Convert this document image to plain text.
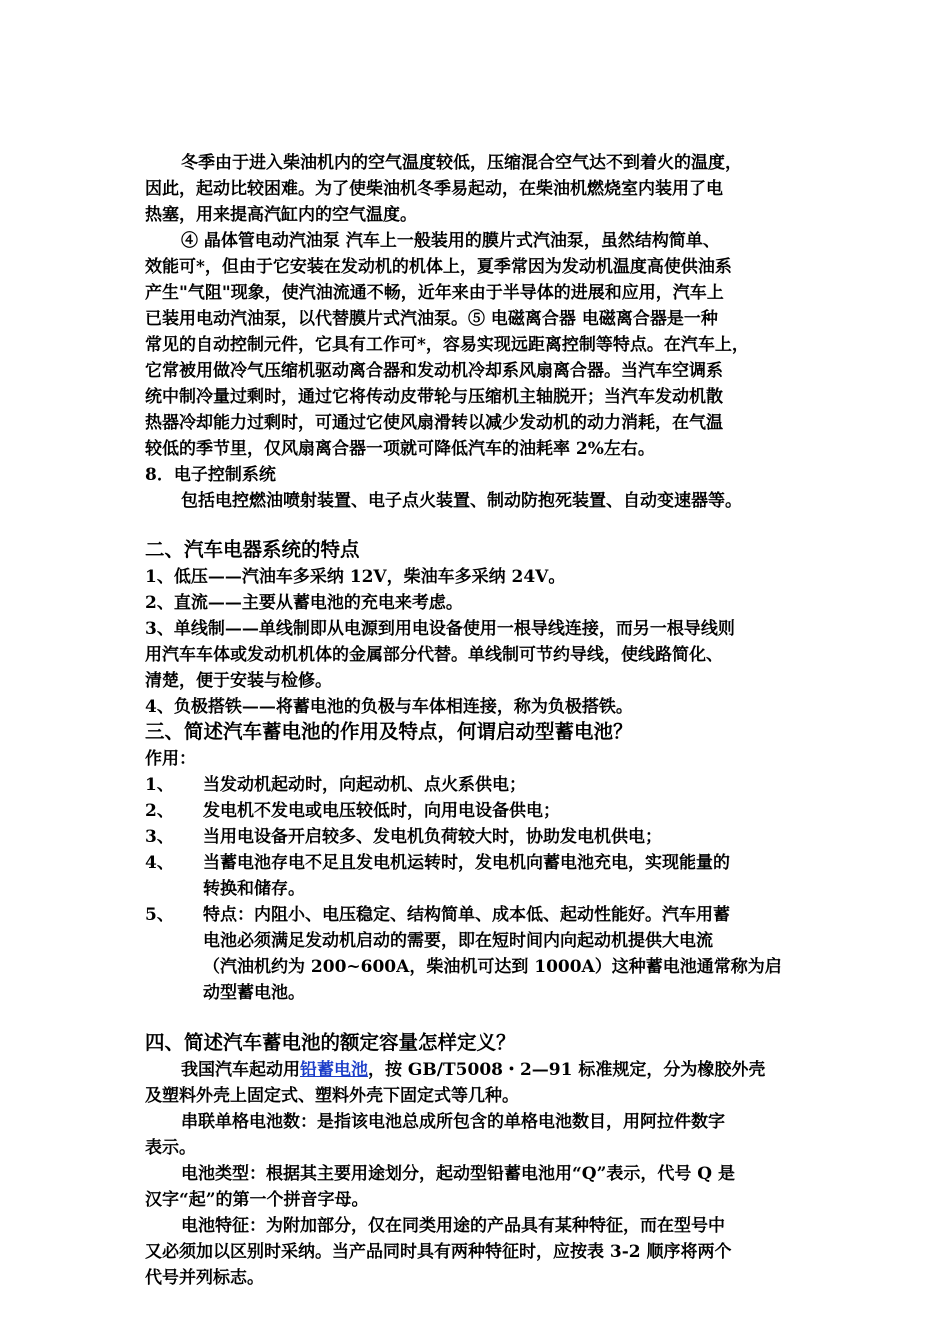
冬季由于进入柴油机内的空气温度较低，压缩混合空气达不到着火的温度，
因此，起动比较困难。为了使柴油机冬季易起动，在柴油机燃烧室内装用了电
热塞，用来提高汽缸内的空气温度。
④ 晶体管电动汽油泵 汽车上一般装用的膜片式汽油泵，虽然结构简单、
效能可*，但由于它安装在发动机的机体上，夏季常因为发动机温度高使供油系
产生"气阻"现象，使汽油流通不畅，近年来由于半导体的进展和应用，汽车上
已装用电动汽油泵，以代替膜片式汽油泵。⑤ 电磁离合器 电磁离合器是一种
常见的自动控制元件，它具有工作可*，容易实现远距离控制等特点。在汽车上，
它常被用做冷气压缩机驱动离合器和发动机冷却系风扇离合器。当汽车空调系
统中制冷量过剩时，通过它将传动皮带轮与压缩机主轴脱开；当汽车发动机散
热器冷却能力过剩时，可通过它使风扇滑转以减少发动机的动力消耗，在气温
较低的季节里，仅风扇离合器一项就可降低汽车的油耗率 2%左右。
8．电子控制系统
包括电控燃油喷射装置、电子点火装置、制动防抱死装置、自动变速器等。
二、汽车电器系统的特点
1、低压——汽油车多采纳 12V，柴油车多采纳 24V。
2、直流——主要从蓄电池的充电来考虑。
3、单线制——单线制即从电源到用电设备使用一根导线连接，而另一根导线则
用汽车车体或发动机机体的金属部分代替。单线制可节约导线，使线路简化、
清楚，便于安装与检修。
4、负极搭铁——将蓄电池的负极与车体相连接，称为负极搭铁。
三、简述汽车蓄电池的作用及特点，何谓启动型蓄电池？
作用：
1、 当发动机起动时，向起动机、点火系供电；
2、 发电机不发电或电压较低时，向用电设备供电；
3、 当用电设备开启较多、发电机负荷较大时，协助发电机供电；
4、 当蓄电池存电不足且发电机运转时，发电机向蓄电池充电，实现能量的
转换和储存。
5、 特点：内阻小、电压稳定、结构简单、成本低、起动性能好。汽车用蓄
电池必须满足发动机启动的需要，即在短时间内向起动机提供大电流
（汽油机约为 200~600A，柴油机可达到 1000A）这种蓄电池通常称为启
动型蓄电池。
四、简述汽车蓄电池的额定容量怎样定义？
我国汽车起动用铅蓄电池，按 GB/T5008・2—91 标准规定，分为橡胶外壳
及塑料外壳上固定式、塑料外壳下固定式等几种。
串联单格电池数：是指该电池总成所包含的单格电池数目，用阿拉件数字
表示。
电池类型：根据其主要用途划分，起动型铅蓄电池用“Q”表示，代号 Q 是
汉字“起”的第一个拼音字母。
电池特征：为附加部分，仅在同类用途的产品具有某种特征，而在型号中
又必须加以区别时采纳。当产品同时具有两种特征时，应按表 3-2 顺序将两个
代号并列标志。
